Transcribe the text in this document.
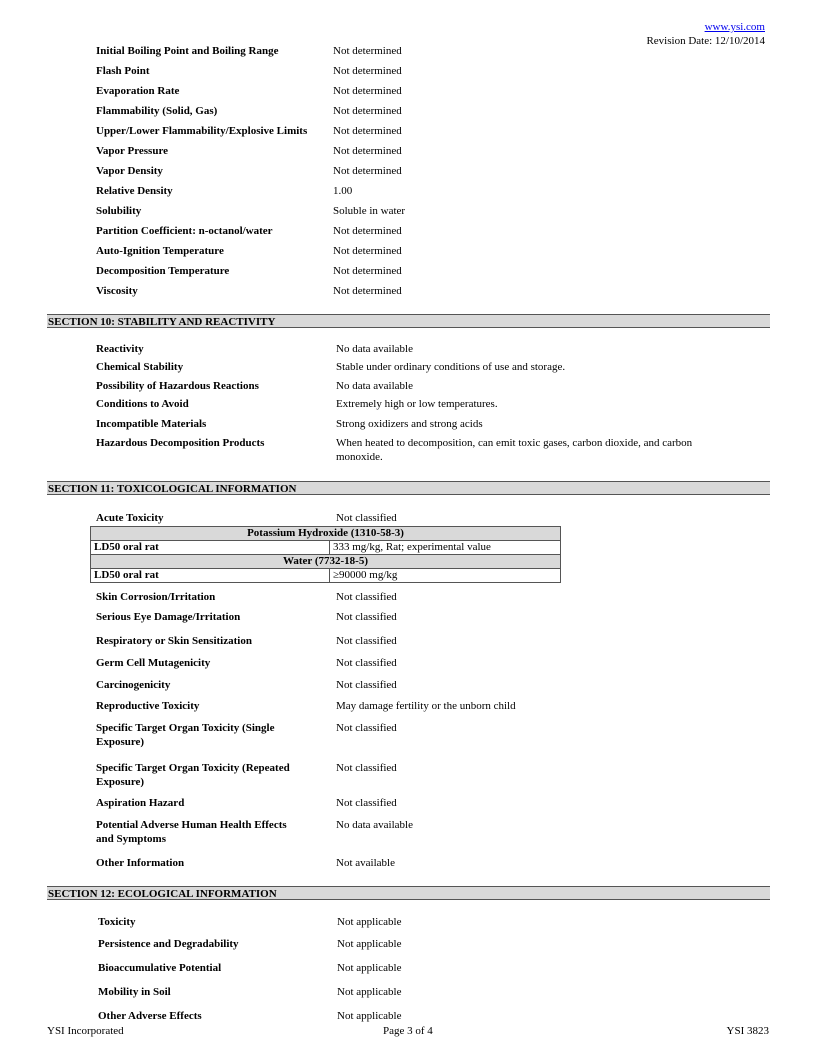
www.ysi.com
Revision Date: 12/10/2014
Initial Boiling Point and Boiling Range	Not determined
Flash Point	Not determined
Evaporation Rate	Not determined
Flammability (Solid, Gas)	Not determined
Upper/Lower Flammability/Explosive Limits Not determined
Vapor Pressure	Not determined
Vapor Density	Not determined
Relative Density	1.00
Solubility	Soluble in water
Partition Coefficient: n-octanol/water	Not determined
Auto-Ignition Temperature	Not determined
Decomposition Temperature	Not determined
Viscosity	Not determined
SECTION 10: STABILITY AND REACTIVITY
Reactivity	No data available
Chemical Stability	Stable under ordinary conditions of use and storage.
Possibility of Hazardous Reactions	No data available
Conditions to Avoid	Extremely high or low temperatures.
Incompatible Materials	Strong oxidizers and strong acids
Hazardous Decomposition Products	When heated to decomposition, can emit toxic gases, carbon dioxide, and carbon
monoxide.
SECTION 11: TOXICOLOGICAL INFORMATION
Acute Toxicity	Not classified
Potassium Hydroxide (1310-58-3)	
LD50 oral rat	333 mg/kg, Rat; experimental value
Water (7732-18-5)	
LD50 oral rat	≥90000 mg/kg
Skin Corrosion/Irritation	Not classified
Serious Eye Damage/Irritation	Not classified
Respiratory or Skin Sensitization	Not classified
Germ Cell Mutagenicity	Not classified
Carcinogenicity	Not classified
Reproductive Toxicity	May damage fertility or the unborn child
Specific Target Organ Toxicity (Single
Exposure)
Not classified
Specific Target Organ Toxicity (Repeated
Exposure)
Not classified
Aspiration Hazard	Not classified
Potential Adverse Human Health Effects
and Symptoms
No data available
Other Information	Not available
SECTION 12: ECOLOGICAL INFORMATION
Toxicity	Not applicable
Persistence and Degradability	Not applicable
Bioaccumulative Potential	Not applicable
Mobility in Soil	Not applicable
Other Adverse Effects	Not applicable
YSI Incorporated	Page 3 of 4	YSI 3823
